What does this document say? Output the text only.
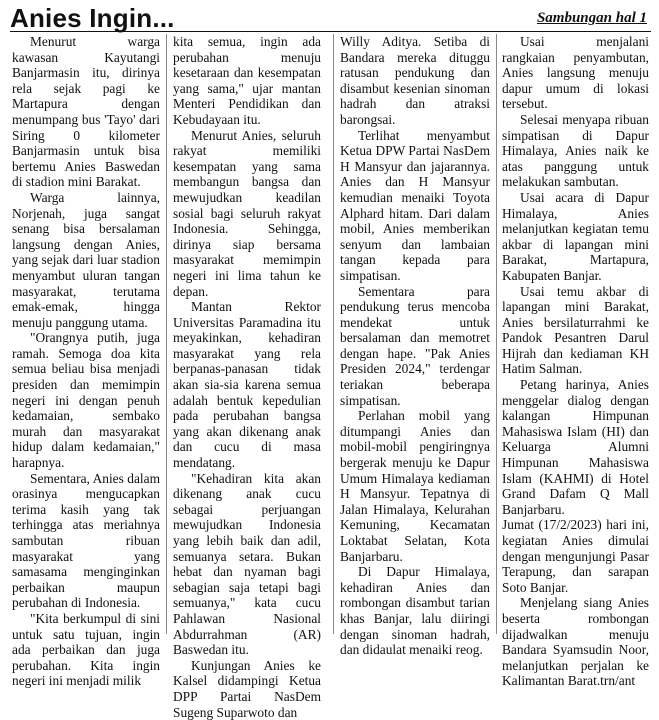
Anies Ingin...	Sambungan hal 1

Menurut warga kawasan Kayutangi Banjarmasin itu, dirinya rela sejak pagi ke Martapura dengan menumpang bus 'Tayo' dari Siring 0 kilometer Banjarmasin untuk bisa bertemu Anies Baswedan di stadion mini Barakat.

Warga lainnya, Norjenah, juga sangat senang bisa bersalaman langsung dengan Anies, yang sejak dari luar stadion menyambut uluran tangan masyarakat, terutama emak-emak, hingga menuju panggung utama.

"Orangnya putih, juga ramah. Semoga doa kita semua beliau bisa menjadi presiden dan memimpin negeri ini dengan penuh kedamaian, sembako murah dan masyarakat hidup dalam kedamaian," harapnya.

Sementara, Anies dalam orasinya mengucapkan terima kasih yang tak terhingga atas meriahnya sambutan ribuan masyarakat yang samasama menginginkan perbaikan maupun perubahan di Indonesia.

"Kita berkumpul di sini untuk satu tujuan, ingin ada perbaikan dan juga perubahan. Kita ingin negeri ini menjadi milik

kita semua, ingin ada perubahan menuju kesetaraan dan kesempatan yang sama," ujar mantan Menteri Pendidikan dan Kebudayaan itu.

Menurut Anies, seluruh rakyat memiliki kesempatan yang sama membangun bangsa dan mewujudkan keadilan sosial bagi seluruh rakyat Indonesia. Sehingga, dirinya siap bersama masyarakat memimpin negeri ini lima tahun ke depan.

Mantan Rektor Universitas Paramadina itu meyakinkan, kehadiran masyarakat yang rela berpanas-panasan tidak akan sia-sia karena semua adalah bentuk kepedulian pada perubahan bangsa yang akan dikenang anak dan cucu di masa mendatang.

"Kehadiran kita akan dikenang anak cucu sebagai perjuangan mewujudkan Indonesia yang lebih baik dan adil, semuanya setara. Bukan hebat dan nyaman bagi sebagian saja tetapi bagi semuanya," kata cucu Pahlawan Nasional Abdurrahman (AR) Baswedan itu.

Kunjungan Anies ke Kalsel didampingi Ketua DPP Partai NasDem Sugeng Suparwoto dan

Willy Aditya. Setiba di Bandara mereka dituggu ratusan pendukung dan disambut kesenian sinoman hadrah dan atraksi barongsai.

Terlihat menyambut Ketua DPW Partai NasDem H Mansyur dan jajarannya. Anies dan H Mansyur kemudian menaiki Toyota Alphard hitam. Dari dalam mobil, Anies memberikan senyum dan lambaian tangan kepada para simpatisan.

Sementara para pendukung terus mencoba mendekat untuk bersalaman dan memotret dengan hape. "Pak Anies Presiden 2024," terdengar teriakan beberapa simpatisan.

Perlahan mobil yang ditumpangi Anies dan mobil-mobil pengiringnya bergerak menuju ke Dapur Umum Himalaya kediaman H Mansyur. Tepatnya di Jalan Himalaya, Kelurahan Kemuning, Kecamatan Loktabat Selatan, Kota Banjarbaru.

Di Dapur Himalaya, kehadiran Anies dan rombongan disambut tarian khas Banjar, lalu diiringi dengan sinoman hadrah, dan didaulat menaiki reog.

Usai menjalani rangkaian penyambutan, Anies langsung menuju dapur umum di lokasi tersebut.

Selesai menyapa ribuan simpatisan di Dapur Himalaya, Anies naik ke atas panggung untuk melakukan sambutan.

Usai acara di Dapur Himalaya, Anies melanjutkan kegiatan temu akbar di lapangan mini Barakat, Martapura, Kabupaten Banjar.

Usai temu akbar di lapangan mini Barakat, Anies bersilaturrahmi ke Pandok Pesantren Darul Hijrah dan kediaman KH Hatim Salman.

Petang harinya, Anies menggelar dialog dengan kalangan Himpunan Mahasiswa Islam (HI) dan Keluarga Alumni Himpunan Mahasiswa Islam (KAHMI) di Hotel Grand Dafam Q Mall Banjarbaru.

Jumat (17/2/2023) hari ini, kegiatan Anies dimulai dengan mengunjungi Pasar Terapung, dan sarapan Soto Banjar.

Menjelang siang Anies beserta rombongan dijadwalkan menuju Bandara Syamsudin Noor, melanjutkan perjalan ke Kalimantan Barat.trn/ant
